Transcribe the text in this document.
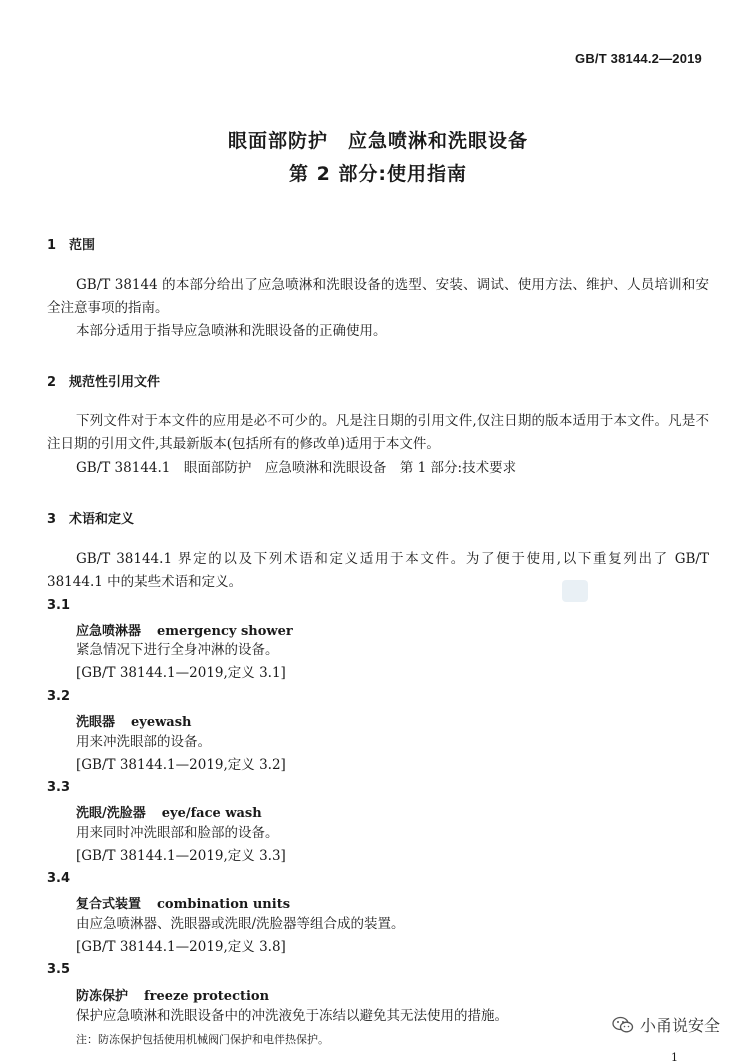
GB/T 38144.2—2019
眼面部防护　应急喷淋和洗眼设备
第 2 部分:使用指南
1 范围
GB/T 38144 的本部分给出了应急喷淋和洗眼设备的选型、安装、调试、使用方法、维护、人员培训和安全注意事项的指南。
本部分适用于指导应急喷淋和洗眼设备的正确使用。
2 规范性引用文件
下列文件对于本文件的应用是必不可少的。凡是注日期的引用文件,仅注日期的版本适用于本文件。凡是不注日期的引用文件,其最新版本(包括所有的修改单)适用于本文件。
GB/T 38144.1　眼面部防护　应急喷淋和洗眼设备　第 1 部分:技术要求
3 术语和定义
GB/T 38144.1 界定的以及下列术语和定义适用于本文件。为了便于使用,以下重复列出了 GB/T 38144.1 中的某些术语和定义。
3.1
应急喷淋器 emergency shower
紧急情况下进行全身冲淋的设备。
[GB/T 38144.1—2019,定义 3.1]
3.2
洗眼器 eyewash
用来冲洗眼部的设备。
[GB/T 38144.1—2019,定义 3.2]
3.3
洗眼/洗脸器 eye/face wash
用来同时冲洗眼部和脸部的设备。
[GB/T 38144.1—2019,定义 3.3]
3.4
复合式装置 combination units
由应急喷淋器、洗眼器或洗眼/洗脸器等组合成的装置。
[GB/T 38144.1—2019,定义 3.8]
3.5
防冻保护 freeze protection
保护应急喷淋和洗眼设备中的冲洗液免于冻结以避免其无法使用的措施。
注：防冻保护包括使用机械阀门保护和电伴热保护。
小甬说安全
1
